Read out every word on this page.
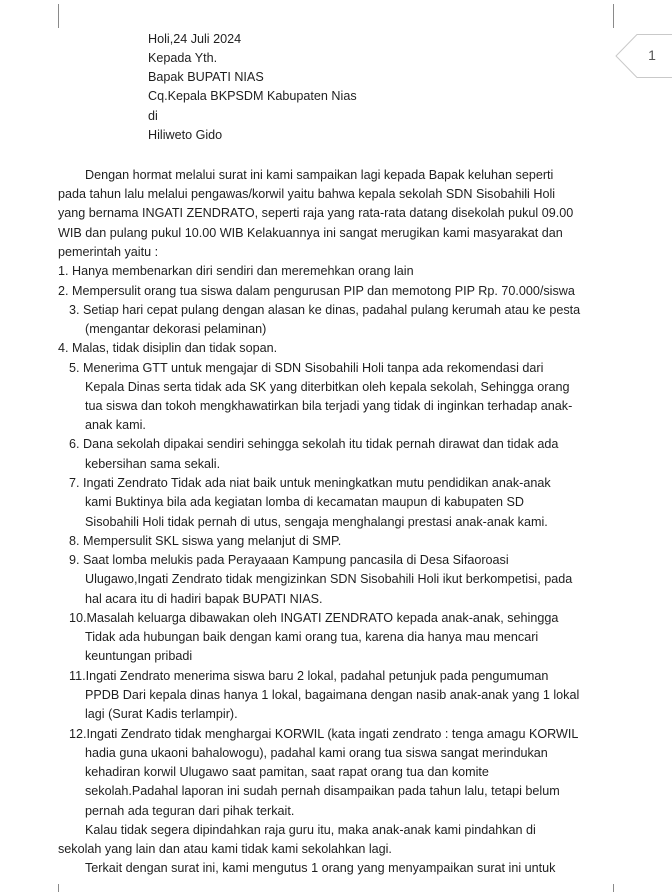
1
Holi,24 Juli 2024
Kepada Yth.
Bapak BUPATI NIAS
Cq.Kepala BKPSDM Kabupaten Nias
di
Hiliweto Gido
Dengan hormat melalui surat ini kami sampaikan lagi kepada Bapak keluhan seperti
pada tahun lalu melalui pengawas/korwil yaitu bahwa kepala sekolah SDN Sisobahili Holi
yang bernama INGATI ZENDRATO, seperti raja yang rata-rata datang disekolah pukul 09.00
WIB dan pulang pukul 10.00 WIB Kelakuannya ini sangat merugikan kami masyarakat dan
pemerintah yaitu :
1. Hanya membenarkan diri sendiri dan meremehkan orang lain
2. Mempersulit orang tua siswa dalam pengurusan PIP dan memotong PIP Rp. 70.000/siswa
3. Setiap hari cepat pulang dengan alasan ke dinas, padahal pulang kerumah atau ke pesta
(mengantar dekorasi pelaminan)
4. Malas, tidak disiplin dan tidak sopan.
5. Menerima GTT untuk mengajar di SDN Sisobahili Holi tanpa ada rekomendasi dari
Kepala Dinas serta tidak ada SK yang diterbitkan oleh kepala sekolah, Sehingga orang
tua siswa dan tokoh mengkhawatirkan bila terjadi yang tidak di inginkan terhadap anak-
anak kami.
6. Dana sekolah dipakai sendiri sehingga sekolah itu tidak pernah dirawat dan tidak ada
kebersihan sama sekali.
7. Ingati Zendrato Tidak ada niat baik untuk meningkatkan mutu pendidikan anak-anak
kami Buktinya bila ada kegiatan lomba di kecamatan maupun di kabupaten SD
Sisobahili Holi tidak pernah di utus, sengaja menghalangi prestasi anak-anak kami.
8. Mempersulit SKL siswa yang melanjut di SMP.
9. Saat lomba melukis pada Perayaaan Kampung pancasila di Desa Sifaoroasi
Ulugawo,Ingati Zendrato tidak mengizinkan SDN Sisobahili Holi ikut berkompetisi, pada
hal acara itu di hadiri bapak BUPATI NIAS.
10.Masalah keluarga dibawakan oleh INGATI ZENDRATO kepada anak-anak, sehingga
Tidak ada hubungan baik dengan kami orang tua, karena dia hanya mau mencari
keuntungan pribadi
11.Ingati Zendrato menerima siswa baru 2 lokal, padahal petunjuk pada pengumuman
PPDB Dari kepala dinas hanya 1 lokal, bagaimana dengan nasib anak-anak yang 1 lokal
lagi (Surat Kadis terlampir).
12.Ingati Zendrato tidak menghargai KORWIL (kata ingati zendrato : tenga amagu KORWIL
hadia guna ukaoni bahalowogu), padahal kami orang tua siswa sangat merindukan
kehadiran korwil Ulugawo saat pamitan, saat rapat orang tua dan komite
sekolah.Padahal laporan ini sudah pernah disampaikan pada tahun lalu, tetapi belum
pernah ada teguran dari pihak terkait.
Kalau tidak segera dipindahkan raja guru itu, maka anak-anak kami pindahkan di
sekolah yang lain dan atau kami tidak kami sekolahkan lagi.
Terkait dengan surat ini, kami mengutus 1 orang yang menyampaikan surat ini untuk
